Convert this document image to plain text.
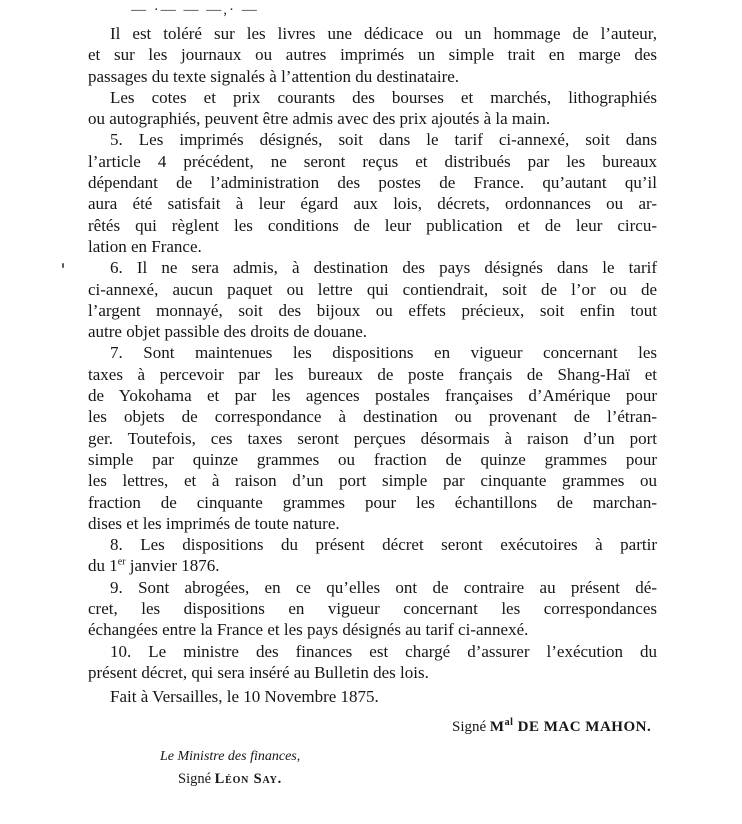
— ·— — —,· —
Il est toléré sur les livres une dédicace ou un hommage de l’auteur,
et sur les journaux ou autres imprimés un simple trait en marge des
passages du texte signalés à l’attention du destinataire.
Les cotes et prix courants des bourses et marchés, lithographiés
ou autographiés, peuvent être admis avec des prix ajoutés à la main.
5. Les imprimés désignés, soit dans le tarif ci-annexé, soit dans
l’article 4 précédent, ne seront reçus et distribués par les bureaux
dépendant de l’administration des postes de France. qu’autant qu’il
aura été satisfait à leur égard aux lois, décrets, ordonnances ou ar-
rêtés qui règlent les conditions de leur publication et de leur circu-
lation en France.
6. Il ne sera admis, à destination des pays désignés dans le tarif
ci-annexé, aucun paquet ou lettre qui contiendrait, soit de l’or ou de
l’argent monnayé, soit des bijoux ou effets précieux, soit enfin tout
autre objet passible des droits de douane.
7. Sont maintenues les dispositions en vigueur concernant les
taxes à percevoir par les bureaux de poste français de Shang-Haï et
de Yokohama et par les agences postales françaises d’Amérique pour
les objets de correspondance à destination ou provenant de l’étran-
ger. Toutefois, ces taxes seront perçues désormais à raison d’un port
simple par quinze grammes ou fraction de quinze grammes pour
les lettres, et à raison d’un port simple par cinquante grammes ou
fraction de cinquante grammes pour les échantillons de marchan-
dises et les imprimés de toute nature.
8. Les dispositions du présent décret seront exécutoires à partir
du 1er janvier 1876.
9. Sont abrogées, en ce qu’elles ont de contraire au présent dé-
cret, les dispositions en vigueur concernant les correspondances
échangées entre la France et les pays désignés au tarif ci-annexé.
10. Le ministre des finances est chargé d’assurer l’exécution du
présent décret, qui sera inséré au Bulletin des lois.
Fait à Versailles, le 10 Novembre 1875.
Signé $M^{al}$ DE MAC MAHON.
Le Ministre des finances,
Signé Léon Say.
